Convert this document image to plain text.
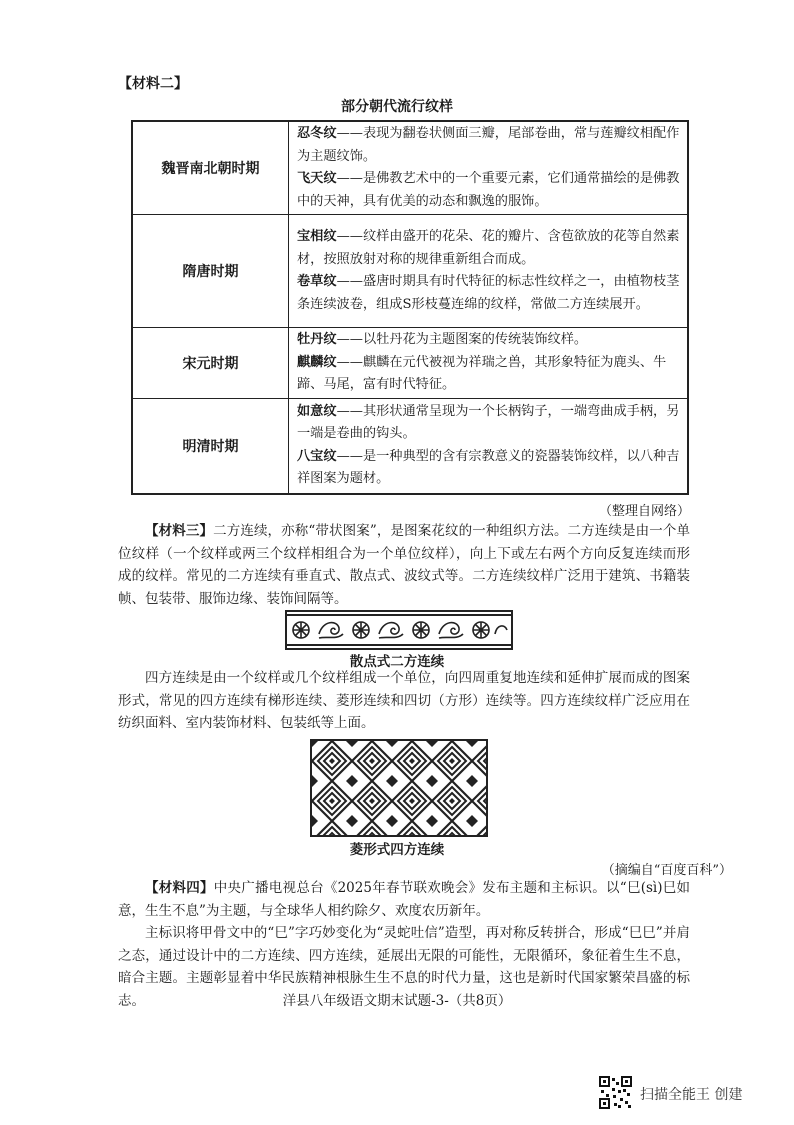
【材料二】
部分朝代流行纹样
魏晋南北朝时期	忍冬纹——表现为翻卷状侧面三瓣，尾部卷曲，常与莲瓣纹相配作为主题纹饰。
飞天纹——是佛教艺术中的一个重要元素，它们通常描绘的是佛教中的天神，具有优美的动态和飘逸的服饰。

隋唐时期	宝相纹——纹样由盛开的花朵、花的瓣片、含苞欲放的花等自然素材，按照放射对称的规律重新组合而成。
卷草纹——盛唐时期具有时代特征的标志性纹样之一，由植物枝茎条连续波卷，组成S形枝蔓连绵的纹样，常做二方连续展开。

宋元时期	牡丹纹——以牡丹花为主题图案的传统装饰纹样。
麒麟纹——麒麟在元代被视为祥瑞之兽，其形象特征为鹿头、牛蹄、马尾，富有时代特征。

明清时期	如意纹——其形状通常呈现为一个长柄钩子，一端弯曲成手柄，另一端是卷曲的钩头。
八宝纹——是一种典型的含有宗教意义的瓷器装饰纹样，以八种吉祥图案为题材。
（整理自网络）
【材料三】二方连续，亦称“带状图案”，是图案花纹的一种组织方法。二方连续是由一个单位纹样（一个纹样或两三个纹样相组合为一个单位纹样），向上下或左右两个方向反复连续而形成的纹样。常见的二方连续有垂直式、散点式、波纹式等。二方连续纹样广泛用于建筑、书籍装帧、包装带、服饰边缘、装饰间隔等。
散点式二方连续
四方连续是由一个纹样或几个纹样组成一个单位，向四周重复地连续和延伸扩展而成的图案形式，常见的四方连续有梯形连续、菱形连续和四切（方形）连续等。四方连续纹样广泛应用在纺织面料、室内装饰材料、包装纸等上面。
菱形式四方连续
（摘编自“百度百科”）
【材料四】中央广播电视总台《2025年春节联欢晚会》发布主题和主标识。以“巳(sì)巳如意，生生不息”为主题，与全球华人相约除夕、欢度农历新年。
主标识将甲骨文中的“巳”字巧妙变化为“灵蛇吐信”造型，再对称反转拼合，形成“巳巳”并肩之态，通过设计中的二方连续、四方连续，延展出无限的可能性，无限循环，象征着生生不息，暗合主题。主题彰显着中华民族精神根脉生生不息的时代力量，这也是新时代国家繁荣昌盛的标志。	洋县八年级语文期末试题-3-（共8页）
扫描全能王 创建
